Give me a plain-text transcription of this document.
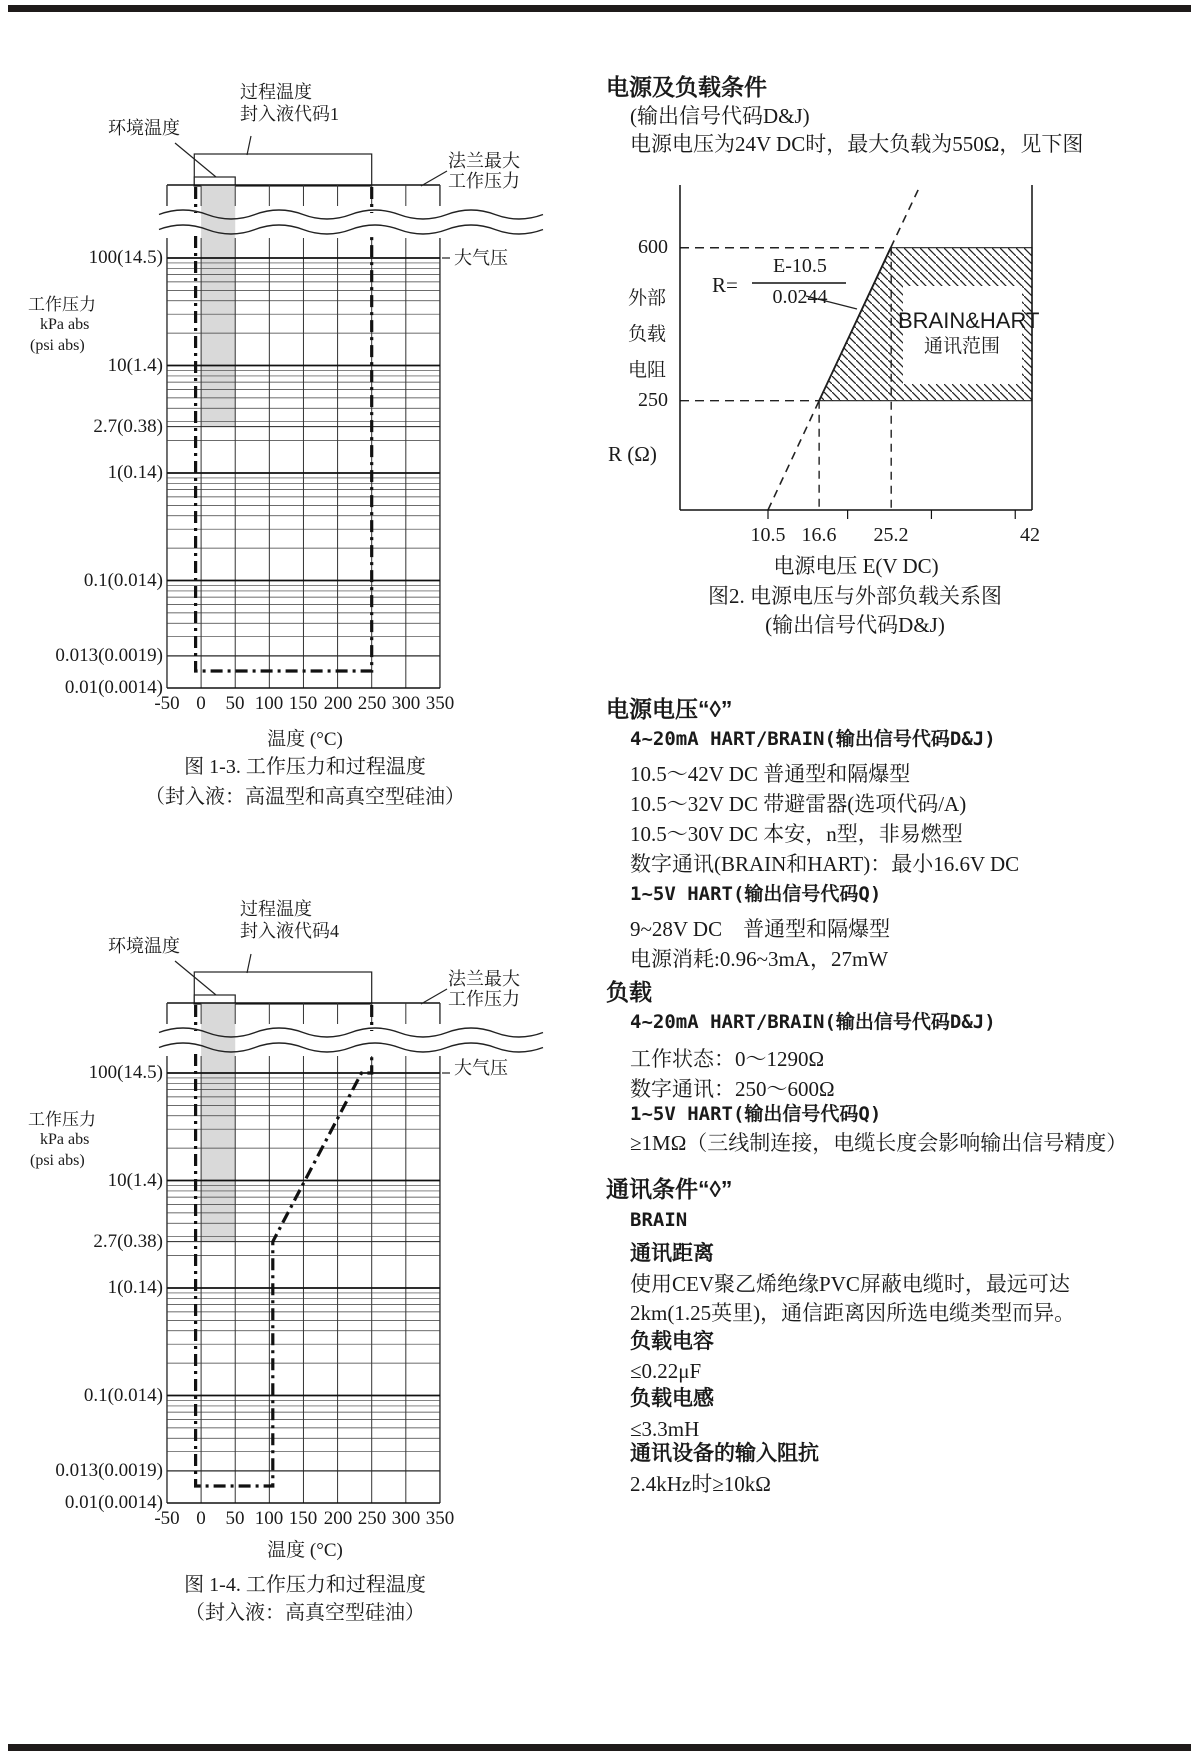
环境温度
过程温度
封入液代码1
法兰最大
工作压力
大气压
工作压力
kPa abs
(psi abs)
温度 (°C)
图 1-3. 工作压力和过程温度
（封入液：高温型和高真空型硅油）
环境温度
过程温度
封入液代码4
法兰最大
工作压力
大气压
工作压力
kPa abs
(psi abs)
温度 (°C)
图 1-4. 工作压力和过程温度
（封入液：高真空型硅油）
600
250
外部
负载
电阻
R (Ω)
R=
E-10.5
0.0244
BRAIN&HART
通讯范围
10.5 16.6	25.2	42
电源电压 E(V DC)
图2. 电源电压与外部负载关系图
(输出信号代码D&J)
电源及负载条件
(输出信号代码D&J)
电源电压为24V DC时，最大负载为550Ω，见下图
电源电压“◊”
4~20mA HART/BRAIN(输出信号代码D&J)
10.5～42V DC 普通型和隔爆型
10.5～32V DC 带避雷器(选项代码/A)
10.5～30V DC 本安，n型，非易燃型
数字通讯(BRAIN和HART)：最小16.6V DC
1~5V HART(输出信号代码Q)
9~28V DC　普通型和隔爆型
电源消耗:0.96~3mA，27mW
负载
4~20mA HART/BRAIN(输出信号代码D&J)
工作状态：0～1290Ω
数字通讯：250～600Ω
1~5V HART(输出信号代码Q)
≥1MΩ（三线制连接，电缆长度会影响输出信号精度）
通讯条件“◊”
BRAIN
通讯距离
使用CEV聚乙烯绝缘PVC屏蔽电缆时，最远可达
2km(1.25英里)，通信距离因所选电缆类型而异。
负载电容
≤0.22μF
负载电感
≤3.3mH
通讯设备的输入阻抗
2.4kHz时≥10kΩ
100(14.5)
10(1.4)
2.7(0.38)
1(0.14)
0.1(0.014)
0.013(0.0019)
0.01(0.0014)
-50 0	50 100 150 200 250 300 350
100(14.5)
10(1.4)
2.7(0.38)
1(0.14)
0.1(0.014)
0.013(0.0019)
0.01(0.0014)
-50 0	50 100 150 200 250 300 350
